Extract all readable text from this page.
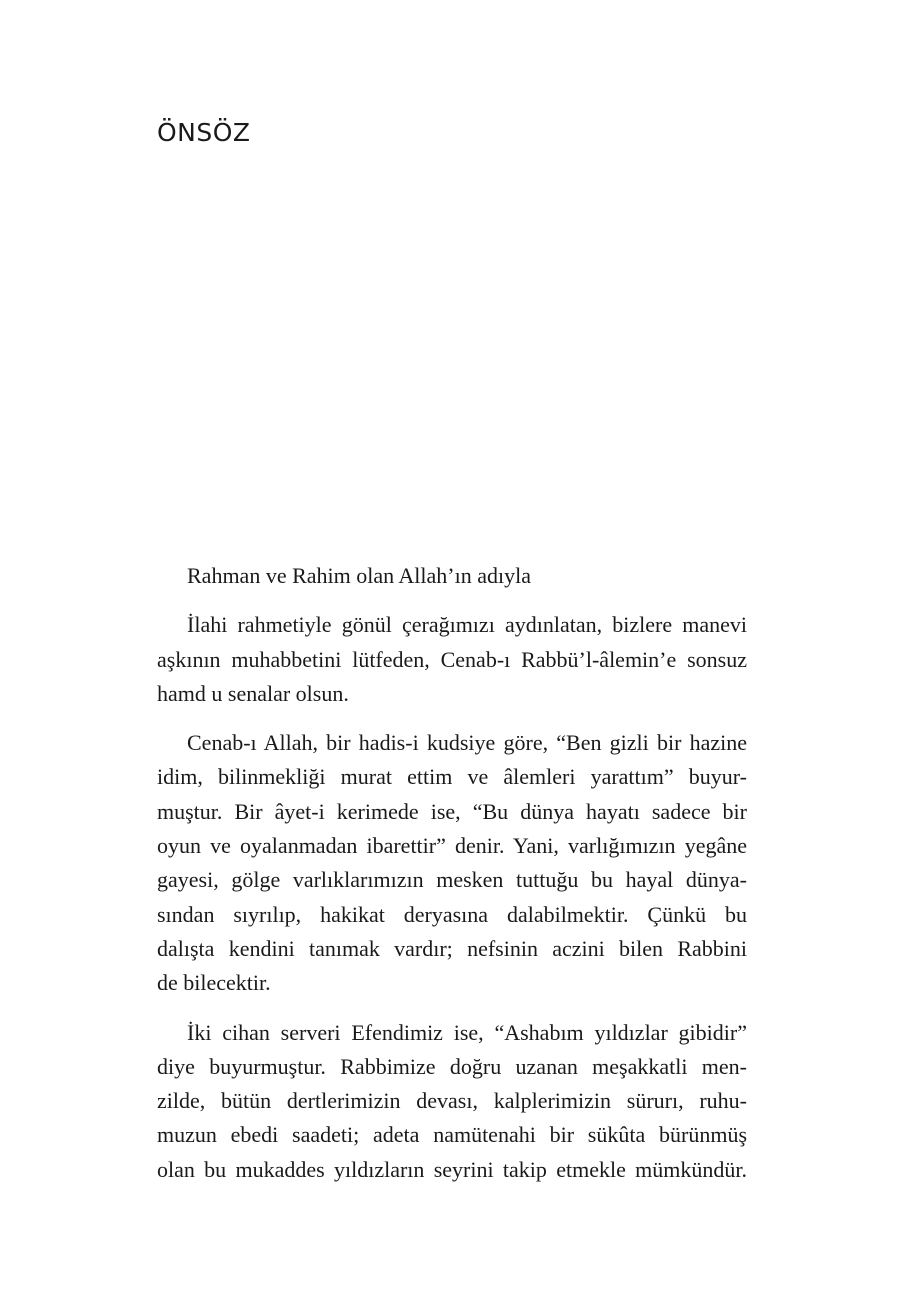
ÖNSÖZ

Rahman ve Rahim olan Allah’ın adıyla

İlahi rahmetiyle gönül çerağımızı aydınlatan, bizlere manevi
aşkının muhabbetini lütfeden, Cenab-ı Rabbü’l-âlemin’e sonsuz
hamd u senalar olsun.

Cenab-ı Allah, bir hadis-i kudsiye göre, “Ben gizli bir hazine
idim, bilinmekliği murat ettim ve âlemleri yarattım” buyur-
muştur. Bir âyet-i kerimede ise, “Bu dünya hayatı sadece bir
oyun ve oyalanmadan ibarettir” denir. Yani, varlığımızın yegâne
gayesi, gölge varlıklarımızın mesken tuttuğu bu hayal dünya-
sından sıyrılıp, hakikat deryasına dalabilmektir. Çünkü bu
dalışta kendini tanımak vardır; nefsinin aczini bilen Rabbini
de bilecektir.

İki cihan serveri Efendimiz ise, “Ashabım yıldızlar gibidir”
diye buyurmuştur. Rabbimize doğru uzanan meşakkatli men-
zilde, bütün dertlerimizin devası, kalplerimizin sürurı, ruhu-
muzun ebedi saadeti; adeta namütenahi bir sükûta bürünmüş
olan bu mukaddes yıldızların seyrini takip etmekle mümkündür.
